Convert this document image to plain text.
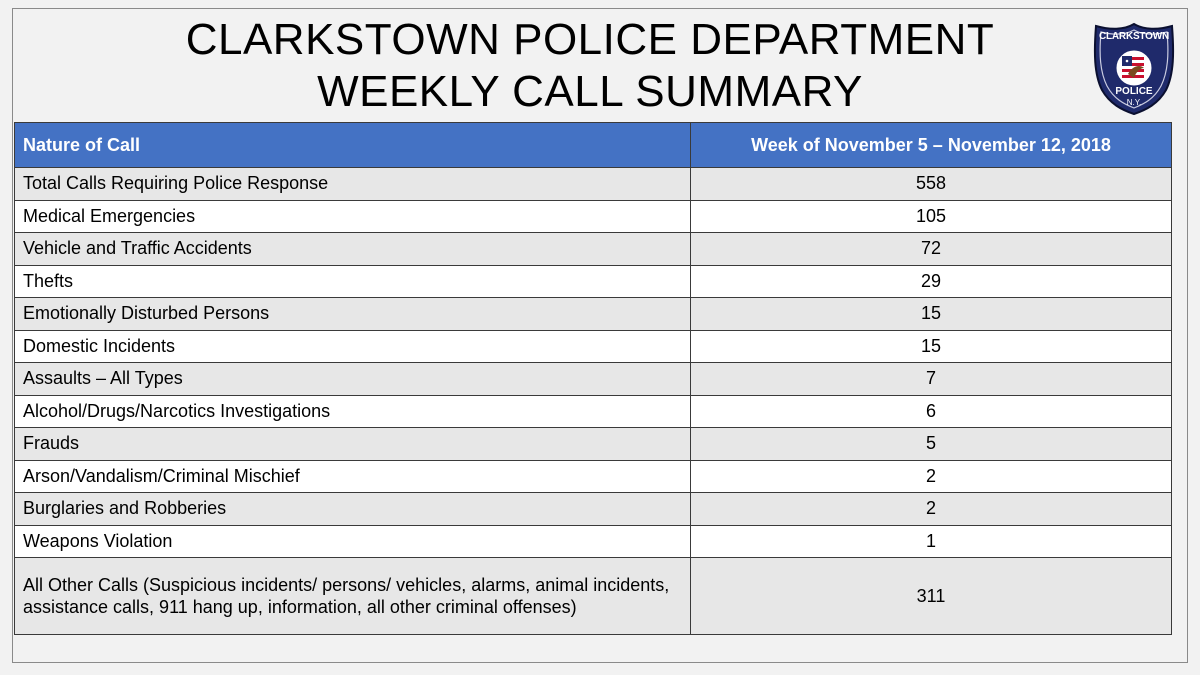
CLARKSTOWN POLICE DEPARTMENT
WEEKLY CALL SUMMARY
CLARKSTOWN
POLICE
N.Y.
Nature of Call	Week of November 5 – November 12, 2018
Total Calls Requiring Police Response	558
Medical Emergencies	105
Vehicle and Traffic Accidents	72
Thefts	29
Emotionally Disturbed Persons	15
Domestic Incidents	15
Assaults – All Types	7
Alcohol/Drugs/Narcotics Investigations	6
Frauds	5
Arson/Vandalism/Criminal Mischief	2
Burglaries and Robberies	2
Weapons Violation	1
All Other Calls (Suspicious incidents/ persons/ vehicles, alarms, animal incidents, assistance calls, 911 hang up, information, all other criminal offenses)	311
